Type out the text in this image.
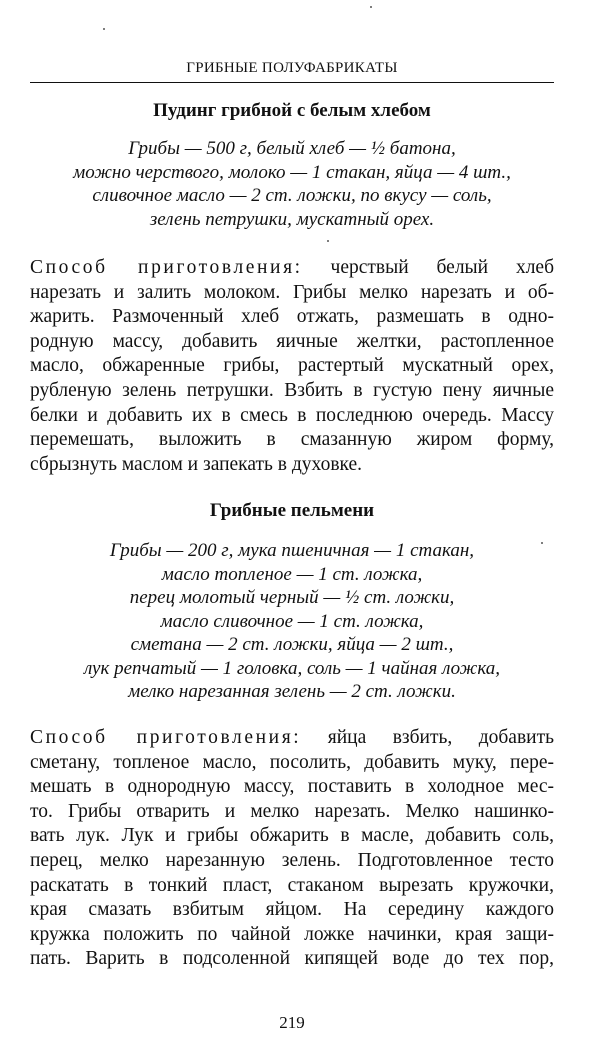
ГРИБНЫЕ ПОЛУФАБРИКАТЫ
Пудинг грибной с белым хлебом
Грибы — 500 г, белый хлеб — ½ батона,
можно черствого, молоко — 1 стакан, яйца — 4 шт.,
сливочное масло — 2 ст. ложки, по вкусу — соль,
зелень петрушки, мускатный орех.
Способ приготовления: черствый белый хлеб
нарезать и залить молоком. Грибы мелко нарезать и об-
жарить. Размоченный хлеб отжать, размешать в одно-
родную массу, добавить яичные желтки, растопленное
масло, обжаренные грибы, растертый мускатный орех,
рубленую зелень петрушки. Взбить в густую пену яичные
белки и добавить их в смесь в последнюю очередь. Массу
перемешать, выложить в смазанную жиром форму,
сбрызнуть маслом и запекать в духовке.
Грибные пельмени
Грибы — 200 г, мука пшеничная — 1 стакан,
масло топленое — 1 ст. ложка,
перец молотый черный — ½ ст. ложки,
масло сливочное — 1 ст. ложка,
сметана — 2 ст. ложки, яйца — 2 шт.,
лук репчатый — 1 головка, соль — 1 чайная ложка,
мелко нарезанная зелень — 2 ст. ложки.
Способ приготовления: яйца взбить, добавить
сметану, топленое масло, посолить, добавить муку, пере-
мешать в однородную массу, поставить в холодное мес-
то. Грибы отварить и мелко нарезать. Мелко нашинко-
вать лук. Лук и грибы обжарить в масле, добавить соль,
перец, мелко нарезанную зелень. Подготовленное тесто
раскатать в тонкий пласт, стаканом вырезать кружочки,
края смазать взбитым яйцом. На середину каждого
кружка положить по чайной ложке начинки, края защи-
пать. Варить в подсоленной кипящей воде до тех пор,
219
